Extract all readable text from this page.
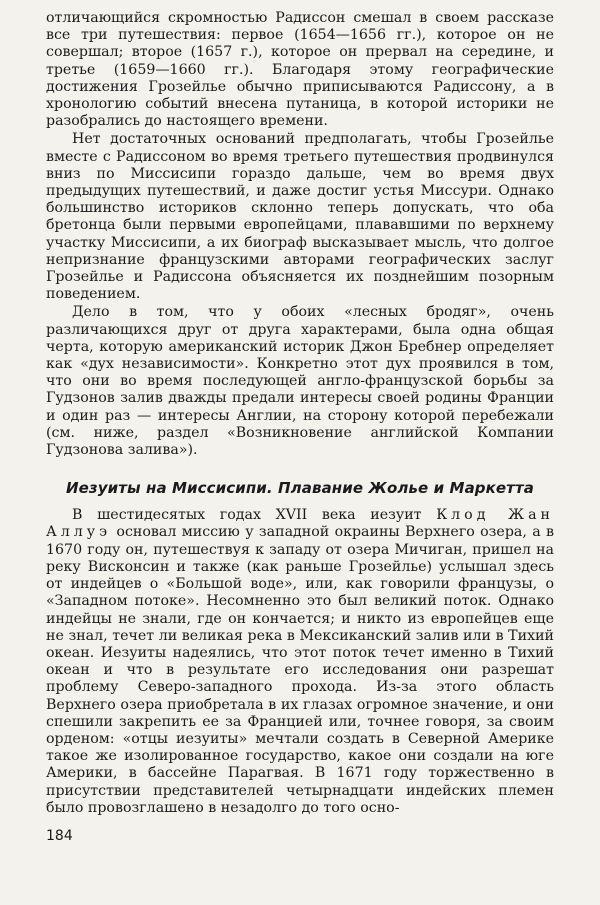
отличающийся скромностью Радиссон смешал в своем рассказе все три путешествия: первое (1654—1656 гг.), которое он не совершал; второе (1657 г.), которое он прервал на середине, и третье (1659—1660 гг.). Благодаря этому географические достижения Грозейлье обычно приписываются Радиссону, а в хронологию событий внесена путаница, в которой историки не разобрались до настоящего времени.

Нет достаточных оснований предполагать, чтобы Грозейлье вместе с Радиссоном во время третьего путешествия продвинулся вниз по Миссисипи гораздо дальше, чем во время двух предыдущих путешествий, и даже достиг устья Миссури. Однако большинство историков склонно теперь допускать, что оба бретонца были первыми европейцами, плававшими по верхнему участку Миссисипи, а их биограф высказывает мысль, что долгое непризнание французскими авторами географических заслуг Грозейлье и Радиссона объясняется их позднейшим позорным поведением.

Дело в том, что у обоих «лесных бродяг», очень различающихся друг от друга характерами, была одна общая черта, которую американский историк Джон Бребнер определяет как «дух независимости». Конкретно этот дух проявился в том, что они во время последующей англо-французской борьбы за Гудзонов залив дважды предали интересы своей родины Франции и один раз — интересы Англии, на сторону которой перебежали (см. ниже, раздел «Возникновение английской Компании Гудзонова залива»).

Иезуиты на Миссисипи. Плавание Жолье и Маркетта

В шестидесятых годах XVII века иезуит Клод Жан Аллуэ основал миссию у западной окраины Верхнего озера, а в 1670 году он, путешествуя к западу от озера Мичиган, пришел на реку Висконсин и также (как раньше Грозейлье) услышал здесь от индейцев о «Большой воде», или, как говорили французы, о «Западном потоке». Несомненно это был великий поток. Однако индейцы не знали, где он кончается; и никто из европейцев еще не знал, течет ли великая река в Мексиканский залив или в Тихий океан. Иезуиты надеялись, что этот поток течет именно в Тихий океан и что в результате его исследования они разрешат проблему Северо-западного прохода. Из-за этого область Верхнего озера приобретала в их глазах огромное значение, и они спешили закрепить ее за Францией или, точнее говоря, за своим орденом: «отцы иезуиты» мечтали создать в Северной Америке такое же изолированное государство, какое они создали на юге Америки, в бассейне Парагвая. В 1671 году торжественно в присутствии представителей четырнадцати индейских племен было провозглашено в незадолго до того осно-

184
